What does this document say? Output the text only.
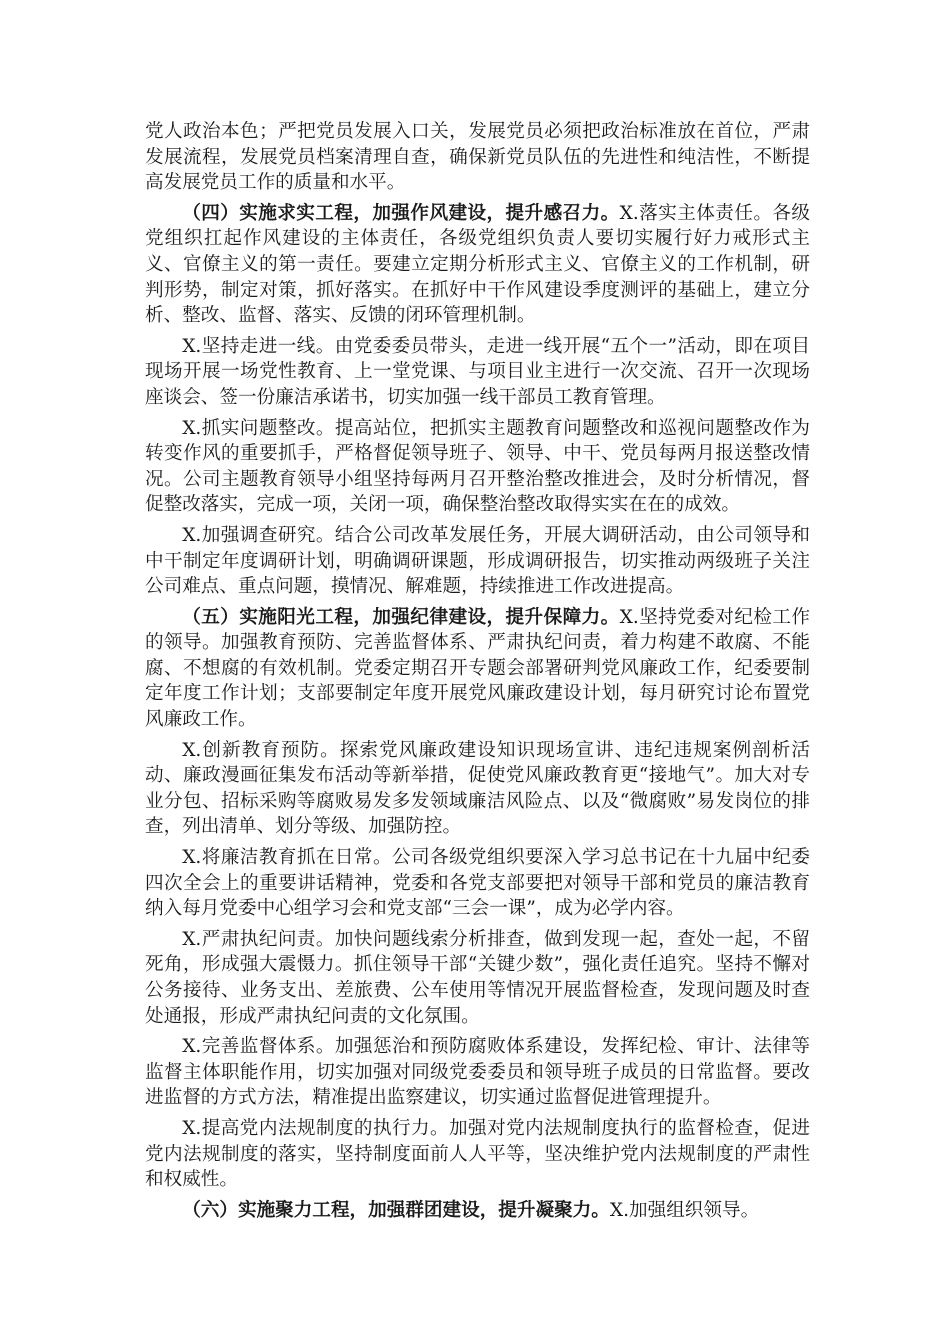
党人政治本色；严把党员发展入口关，发展党员必须把政治标准放在首位，严肃发展流程，发展党员档案清理自查，确保新党员队伍的先进性和纯洁性，不断提高发展党员工作的质量和水平。

（四）实施求实工程，加强作风建设，提升感召力。X.落实主体责任。各级党组织扛起作风建设的主体责任，各级党组织负责人要切实履行好力戒形式主义、官僚主义的第一责任。要建立定期分析形式主义、官僚主义的工作机制，研判形势，制定对策，抓好落实。在抓好中干作风建设季度测评的基础上，建立分析、整改、监督、落实、反馈的闭环管理机制。

X.坚持走进一线。由党委委员带头，走进一线开展“五个一”活动，即在项目现场开展一场党性教育、上一堂党课、与项目业主进行一次交流、召开一次现场座谈会、签一份廉洁承诺书，切实加强一线干部员工教育管理。

X.抓实问题整改。提高站位，把抓实主题教育问题整改和巡视问题整改作为转变作风的重要抓手，严格督促领导班子、领导、中干、党员每两月报送整改情况。公司主题教育领导小组坚持每两月召开整治整改推进会，及时分析情况，督促整改落实，完成一项，关闭一项，确保整治整改取得实实在在的成效。

X.加强调查研究。结合公司改革发展任务，开展大调研活动，由公司领导和中干制定年度调研计划，明确调研课题，形成调研报告，切实推动两级班子关注公司难点、重点问题，摸情况、解难题，持续推进工作改进提高。

（五）实施阳光工程，加强纪律建设，提升保障力。X.坚持党委对纪检工作的领导。加强教育预防、完善监督体系、严肃执纪问责，着力构建不敢腐、不能腐、不想腐的有效机制。党委定期召开专题会部署研判党风廉政工作，纪委要制定年度工作计划；支部要制定年度开展党风廉政建设计划，每月研究讨论布置党风廉政工作。

X.创新教育预防。探索党风廉政建设知识现场宣讲、违纪违规案例剖析活动、廉政漫画征集发布活动等新举措，促使党风廉政教育更“接地气”。加大对专业分包、招标采购等腐败易发多发领域廉洁风险点、以及“微腐败”易发岗位的排查，列出清单、划分等级、加强防控。

X.将廉洁教育抓在日常。公司各级党组织要深入学习总书记在十九届中纪委四次全会上的重要讲话精神，党委和各党支部要把对领导干部和党员的廉洁教育纳入每月党委中心组学习会和党支部“三会一课”，成为必学内容。

X.严肃执纪问责。加快问题线索分析排查，做到发现一起，查处一起，不留死角，形成强大震慑力。抓住领导干部“关键少数”，强化责任追究。坚持不懈对公务接待、业务支出、差旅费、公车使用等情况开展监督检查，发现问题及时查处通报，形成严肃执纪问责的文化氛围。

X.完善监督体系。加强惩治和预防腐败体系建设，发挥纪检、审计、法律等监督主体职能作用，切实加强对同级党委委员和领导班子成员的日常监督。要改进监督的方式方法，精准提出监察建议，切实通过监督促进管理提升。

X.提高党内法规制度的执行力。加强对党内法规制度执行的监督检查，促进党内法规制度的落实，坚持制度面前人人平等，坚决维护党内法规制度的严肃性和权威性。

（六）实施聚力工程，加强群团建设，提升凝聚力。X.加强组织领导。
